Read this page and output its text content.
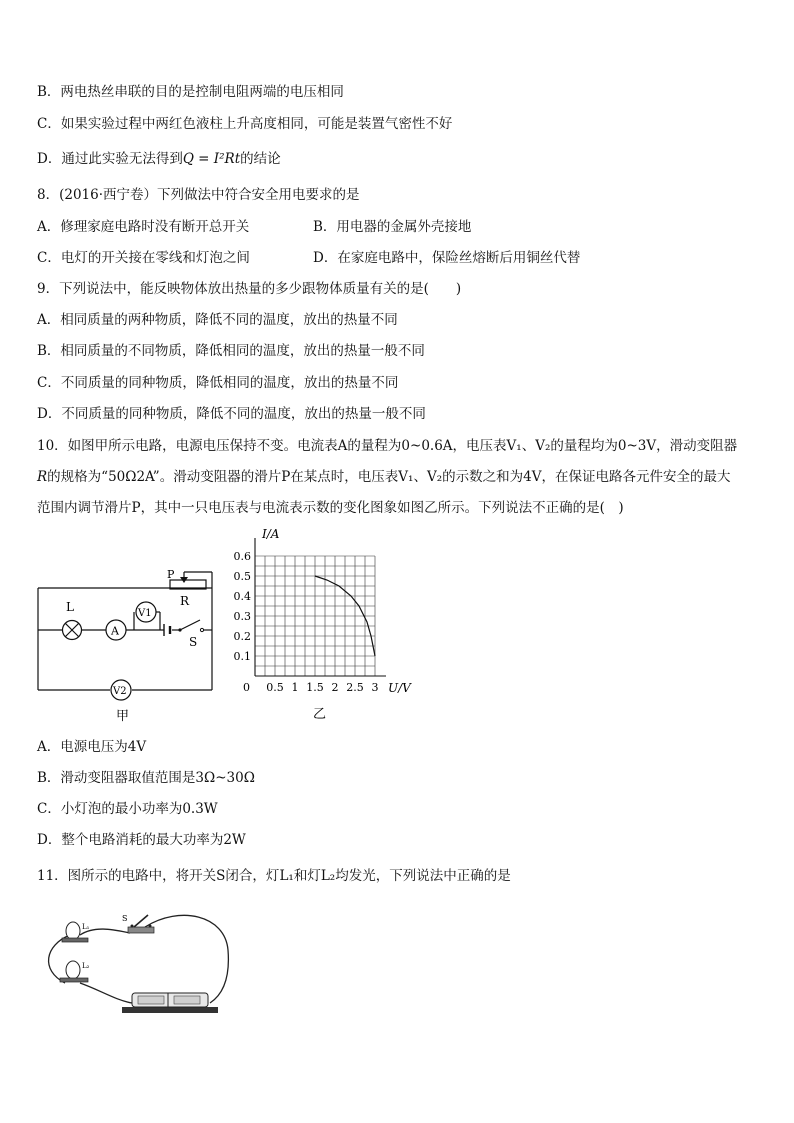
B．两电热丝串联的目的是控制电阻两端的电压相同
C．如果实验过程中两红色液柱上升高度相同，可能是装置气密性不好
D．通过此实验无法得到Q = I²Rt的结论
8．(2016·西宁卷）下列做法中符合安全用电要求的是
A．修理家庭电路时没有断开总开关	B．用电器的金属外壳接地
C．电灯的开关接在零线和灯泡之间	D．在家庭电路中，保险丝熔断后用铜丝代替
9．下列说法中，能反映物体放出热量的多少跟物体质量有关的是(　　)
A．相同质量的两种物质，降低不同的温度，放出的热量不同
B．相同质量的不同物质，降低相同的温度，放出的热量一般不同
C．不同质量的同种物质，降低相同的温度，放出的热量不同
D．不同质量的同种物质，降低不同的温度，放出的热量一般不同
10．如图甲所示电路，电源电压保持不变。电流表A的量程为0~0.6A，电压表V₁、V₂的量程均为0~3V，滑动变阻器
R的规格为“50Ω2A”。滑动变阻器的滑片P在某点时，电压表V₁、V₂的示数之和为4V，在保证电路各元件安全的最大
范围内调节滑片P，其中一只电压表与电流表示数的变化图象如图乙所示。下列说法不正确的是(　)
L
A
V1
V2
P
R
S
甲
I/A
U/V
0
乙
0.5 1 1.5 2 2.5 3
0.1
0.2
0.3
0.4
0.5
0.6
A．电源电压为4V
B．滑动变阻器取值范围是3Ω~30Ω
C．小灯泡的最小功率为0.3W
D．整个电路消耗的最大功率为2W
11．图所示的电路中，将开关S闭合，灯L₁和灯L₂均发光，下列说法中正确的是
S
L₁
L₂
